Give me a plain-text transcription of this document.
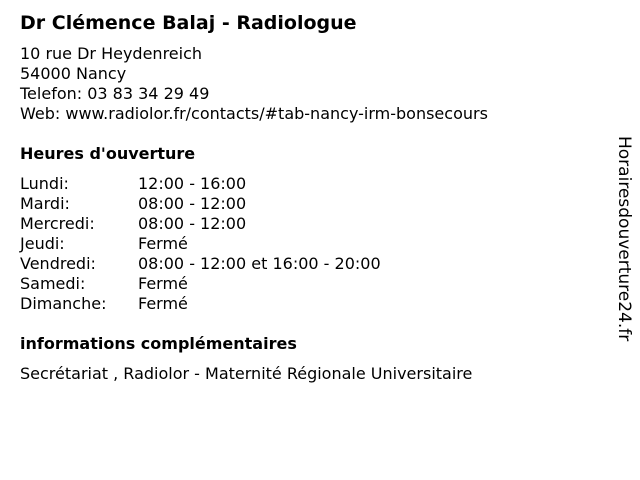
Dr Clémence Balaj - Radiologue
10 rue Dr Heydenreich
54000 Nancy
Telefon: 03 83 34 29 49
Web: www.radiolor.fr/contacts/#tab-nancy-irm-bonsecours
Heures d'ouverture
Lundi:	12:00 - 16:00
Mardi:	08:00 - 12:00
Mercredi:	08:00 - 12:00
Jeudi:	Fermé
Vendredi:	08:00 - 12:00 et 16:00 - 20:00
Samedi:	Fermé
Dimanche:	Fermé
informations complémentaires
Secrétariat , Radiolor - Maternité Régionale Universitaire
Horairesdouverture24.fr
